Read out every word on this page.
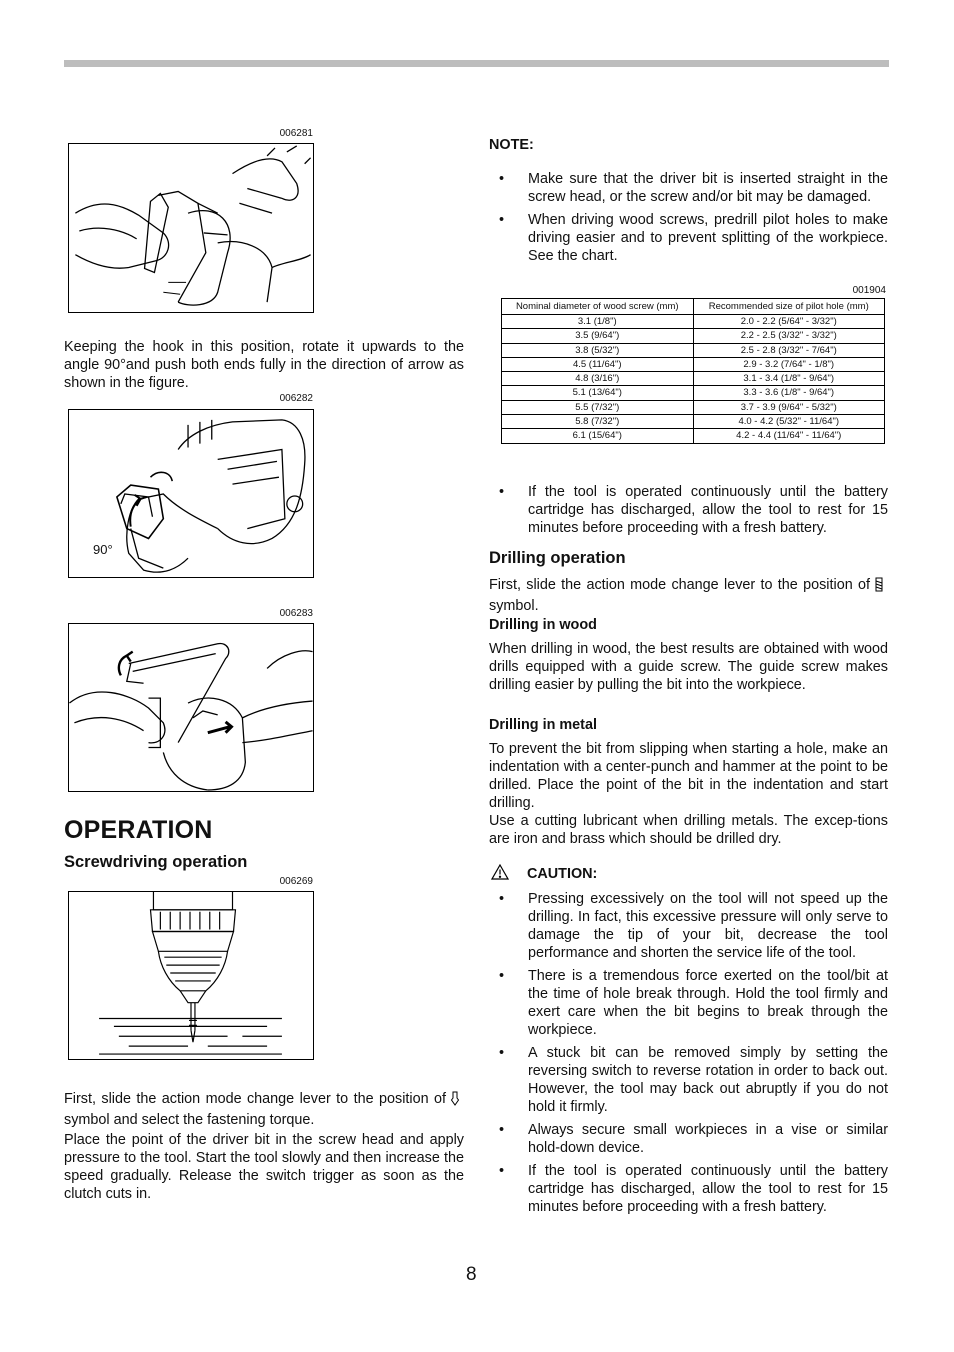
006281

Keeping the hook in this position, rotate it upwards to the angle 90°and push both ends fully in the direction of arrow as shown in the figure.

006282
90°
006283
OPERATION
Screwdriving operation
006269

First, slide the action mode change lever to the position ofsymbol and select the fastening torque.

Place the point of the driver bit in the screw head and apply pressure to the tool. Start the tool slowly and then increase the speed gradually. Release the switch trigger as soon as the clutch cuts in.

NOTE:
• Make sure that the driver bit is inserted straight in the screw head, or the screw and/or bit may be damaged.
• When driving wood screws, predrill pilot holes to make driving easier and to prevent splitting of the workpiece. See the chart.
001904
Nominal diameter of wood screw (mm)	Recommended size of pilot hole (mm)
3.1 (1/8")	2.0 - 2.2 (5/64" - 3/32")
3.5 (9/64")	2.2 - 2.5 (3/32" - 3/32")
3.8 (5/32")	2.5 - 2.8 (3/32" - 7/64")
4.5 (11/64")	2.9 - 3.2 (7/64" - 1/8")
4.8 (3/16")	3.1 - 3.4 (1/8" - 9/64")
5.1 (13/64")	3.3 - 3.6 (1/8" - 9/64")
5.5 (7/32")	3.7 - 3.9 (9/64" - 5/32")
5.8 (7/32")	4.0 - 4.2 (5/32" - 11/64")
6.1 (15/64")	4.2 - 4.4 (11/64" - 11/64")
• If the tool is operated continuously until the battery cartridge has discharged, allow the tool to rest for 15 minutes before proceeding with a fresh battery.
Drilling operation

First, slide the action mode change lever to the position ofsymbol.

Drilling in wood

When drilling in wood, the best results are obtained with wood drills equipped with a guide screw. The guide screw makes drilling easier by pulling the bit into the workpiece.

Drilling in metal

To prevent the bit from slipping when starting a hole, make an indentation with a center-punch and hammer at the point to be drilled. Place the point of the bit in the indentation and start drilling.

Use a cutting lubricant when drilling metals. The excep-tions are iron and brass which should be drilled dry.

CAUTION:
• Pressing excessively on the tool will not speed up the drilling. In fact, this excessive pressure will only serve to damage the tip of your bit, decrease the tool performance and shorten the service life of the tool.
• There is a tremendous force exerted on the tool/bit at the time of hole break through. Hold the tool firmly and exert care when the bit begins to break through the workpiece.
• A stuck bit can be removed simply by setting the reversing switch to reverse rotation in order to back out. However, the tool may back out abruptly if you do not hold it firmly.
• Always secure small workpieces in a vise or similar hold-down device.
• If the tool is operated continuously until the battery cartridge has discharged, allow the tool to rest for 15 minutes before proceeding with a fresh battery.
8
